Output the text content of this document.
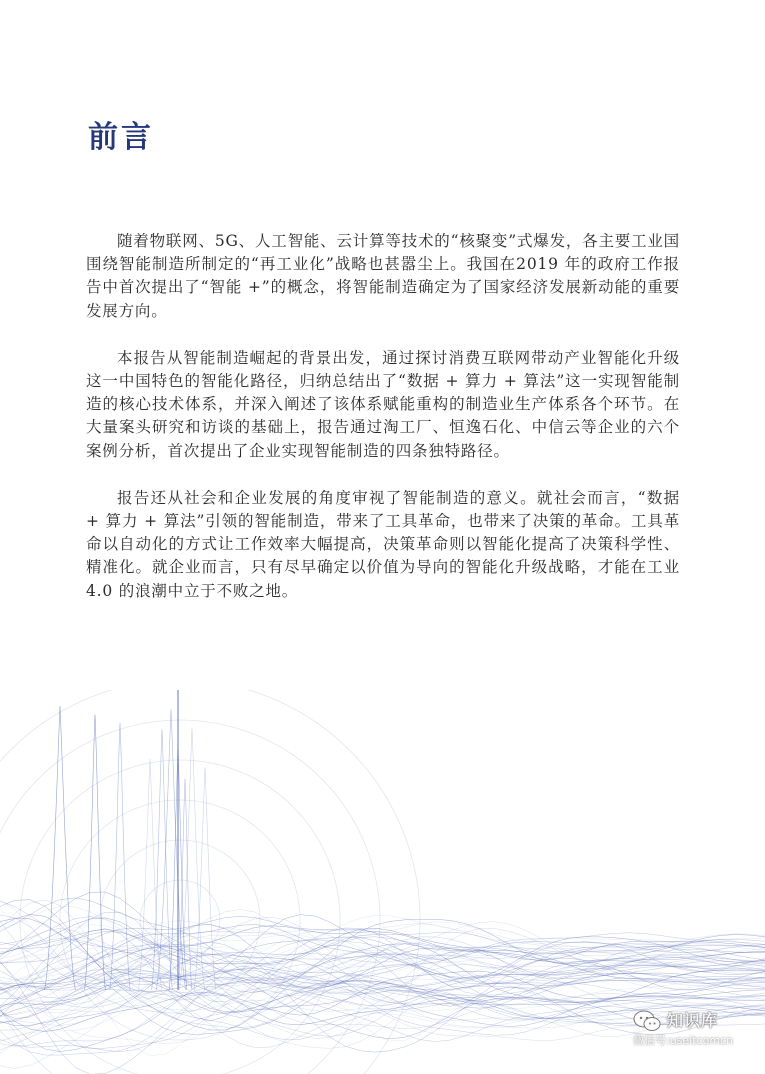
前言

随着物联网、5G、人工智能、云计算等技术的“核聚变”式爆发，各主要工业国围绕智能制造所制定的“再工业化”战略也甚嚣尘上。我国在2019 年的政府工作报告中首次提出了“智能 +”的概念，将智能制造确定为了国家经济发展新动能的重要发展方向。

本报告从智能制造崛起的背景出发，通过探讨消费互联网带动产业智能化升级这一中国特色的智能化路径，归纳总结出了“数据 + 算力 + 算法”这一实现智能制造的核心技术体系，并深入阐述了该体系赋能重构的制造业生产体系各个环节。在大量案头研究和访谈的基础上，报告通过淘工厂、恒逸石化、中信云等企业的六个案例分析，首次提出了企业实现智能制造的四条独特路径。

报告还从社会和企业发展的角度审视了智能制造的意义。就社会而言，“数据 + 算力 + 算法”引领的智能制造，带来了工具革命，也带来了决策的革命。工具革命以自动化的方式让工作效率大幅提高，决策革命则以智能化提高了决策科学性、精准化。就企业而言，只有尽早确定以价值为导向的智能化升级战略，才能在工业 4.0 的浪潮中立于不败之地。

知识库
微信号:useitcomcn
